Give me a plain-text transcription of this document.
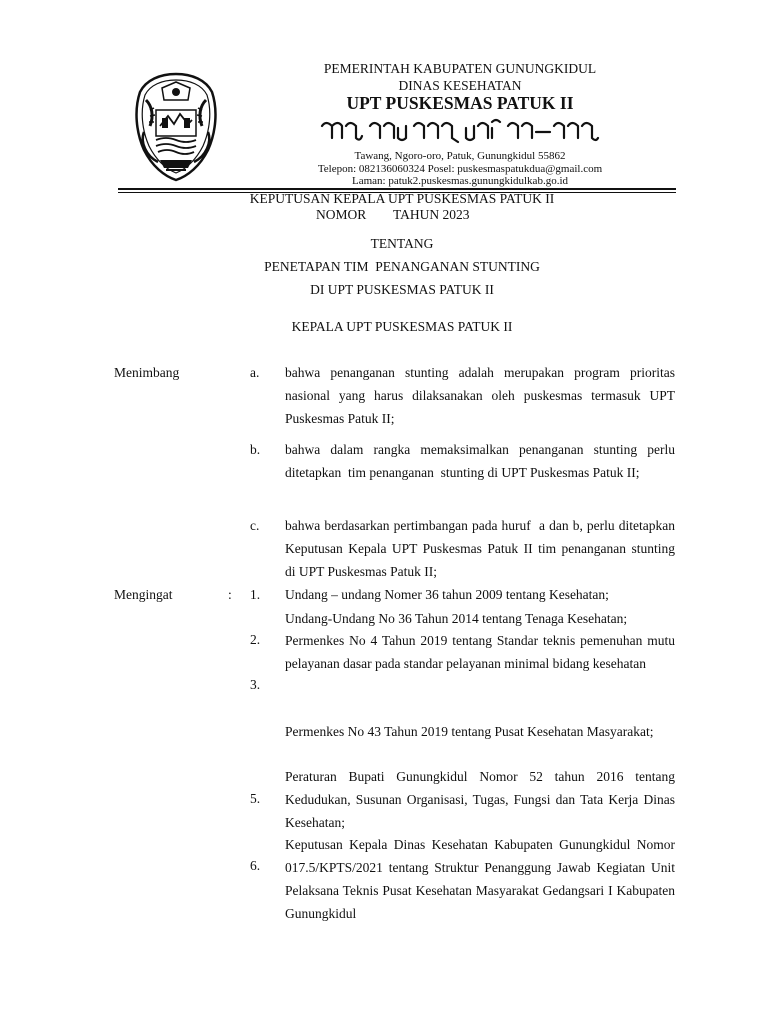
PEMERINTAH KABUPATEN GUNUNGKIDUL
DINAS KESEHATAN
UPT PUSKESMAS PATUK II
Tawang, Ngoro-oro, Patuk, Gunungkidul 55862
Telepon: 082136060324 Posel: puskesmaspatukdua@gmail.com
Laman: patuk2.puskesmas.gunungkidulkab.go.id
KEPUTUSAN KEPALA UPT PUSKESMAS PATUK II
NOMOR        TAHUN 2023
TENTANG
PENETAPAN TIM  PENANGANAN STUNTING
DI UPT PUSKESMAS PATUK II
KEPALA UPT PUSKESMAS PATUK II
Menimbang	a. bahwa penanganan stunting adalah merupakan program prioritas nasional yang harus dilaksanakan oleh puskesmas termasuk UPT Puskesmas Patuk II;
b. bahwa dalam rangka memaksimalkan penanganan stunting perlu ditetapkan  tim penanganan  stunting di UPT Puskesmas Patuk II;
c. bahwa berdasarkan pertimbangan pada huruf  a dan b, perlu ditetapkan Keputusan Kepala UPT Puskesmas Patuk II tim penanganan stunting  di UPT Puskesmas Patuk II;
Mengingat	: 1.
2.
3.
5.
6.
Undang – undang Nomer 36 tahun 2009 tentang Kesehatan;
Undang-Undang No 36 Tahun 2014 tentang Tenaga Kesehatan;
Permenkes No 4 Tahun 2019 tentang Standar teknis pemenuhan mutu pelayanan dasar pada standar pelayanan minimal bidang kesehatan
Permenkes No 43 Tahun 2019 tentang Pusat Kesehatan Masyarakat;
Peraturan Bupati Gunungkidul Nomor 52 tahun 2016 tentang Kedudukan, Susunan Organisasi, Tugas, Fungsi dan Tata Kerja Dinas Kesehatan;
Keputusan Kepala Dinas Kesehatan Kabupaten Gunungkidul Nomor 017.5/KPTS/2021 tentang Struktur Penanggung Jawab Kegiatan Unit Pelaksana Teknis Pusat Kesehatan Masyarakat Gedangsari I Kabupaten Gunungkidul
